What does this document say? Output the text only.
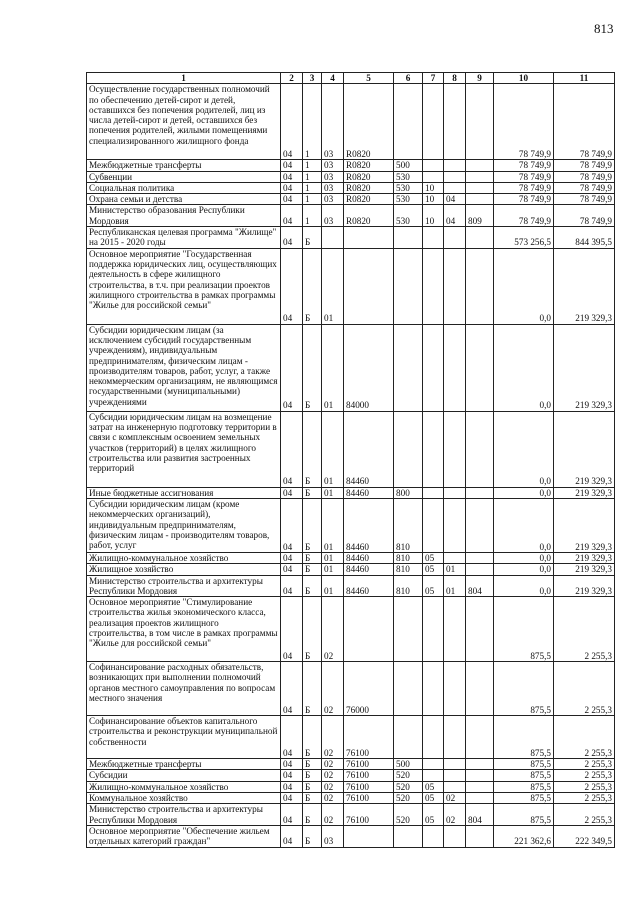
813
1	2	3	4	5	6	7	8	9	10	11
Осуществление государственных полномочий по обеспечению детей-сирот и детей, оставшихся без попечения родителей, лиц из числа детей-сирот и детей, оставшихся без попечения родителей, жилыми помещениями специализированного жилищного фонда	04	1	03	R0820					78 749,9	78 749,9
Межбюджетные трансферты	04	1	03	R0820	500				78 749,9	78 749,9
Субвенции	04	1	03	R0820	530				78 749,9	78 749,9
Социальная политика	04	1	03	R0820	530	10			78 749,9	78 749,9
Охрана семьи и детства	04	1	03	R0820	530	10	04		78 749,9	78 749,9
Министерство образования Республики Мордовия	04	1	03	R0820	530	10	04	809	78 749,9	78 749,9
Республиканская целевая программа "Жилище" на 2015 - 2020 годы	04	Б							573 256,5	844 395,5
Основное мероприятие "Государственная поддержка юридических лиц, осуществляющих деятельность в сфере жилищного строительства, в т.ч. при реализации проектов жилищного строительства в рамках программы "Жилье для российской семьи"	04	Б	01						0,0	219 329,3
Субсидии юридическим лицам (за исключением субсидий государственным учреждениям), индивидуальным предпринимателям, физическим лицам - производителям товаров, работ, услуг, а также некоммерческим организациям, не являющимся государственными (муниципальными) учреждениями	04	Б	01	84000					0,0	219 329,3
Субсидии юридическим лицам на возмещение затрат на инженерную подготовку территории в связи с комплексным освоением земельных участков (территорий) в целях жилищного строительства или развития застроенных территорий	04	Б	01	84460					0,0	219 329,3
Иные бюджетные ассигнования	04	Б	01	84460	800				0,0	219 329,3
Субсидии юридическим лицам (кроме некоммерческих организаций), индивидуальным предпринимателям, физическим лицам - производителям товаров, работ, услуг	04	Б	01	84460	810				0,0	219 329,3
Жилищно-коммунальное хозяйство	04	Б	01	84460	810	05			0,0	219 329,3
Жилищное хозяйство	04	Б	01	84460	810	05	01		0,0	219 329,3
Министерство строительства и архитектуры Республики Мордовия	04	Б	01	84460	810	05	01	804	0,0	219 329,3
Основное мероприятие "Стимулирование строительства жилья экономического класса, реализация проектов жилищного строительства, в том числе в рамках программы "Жилье для российской семьи"	04	Б	02						875,5	2 255,3
Софинансирование расходных обязательств, возникающих при выполнении полномочий органов местного самоуправления по вопросам местного значения	04	Б	02	76000					875,5	2 255,3
Софинансирование объектов капитального строительства и реконструкции муниципальной собственности	04	Б	02	76100					875,5	2 255,3
Межбюджетные трансферты	04	Б	02	76100	500				875,5	2 255,3
Субсидии	04	Б	02	76100	520				875,5	2 255,3
Жилищно-коммунальное хозяйство	04	Б	02	76100	520	05			875,5	2 255,3
Коммунальное хозяйство	04	Б	02	76100	520	05	02		875,5	2 255,3
Министерство строительства и архитектуры Республики Мордовия	04	Б	02	76100	520	05	02	804	875,5	2 255,3
Основное мероприятие "Обеспечение жильем отдельных категорий граждан"	04	Б	03						221 362,6	222 349,5
